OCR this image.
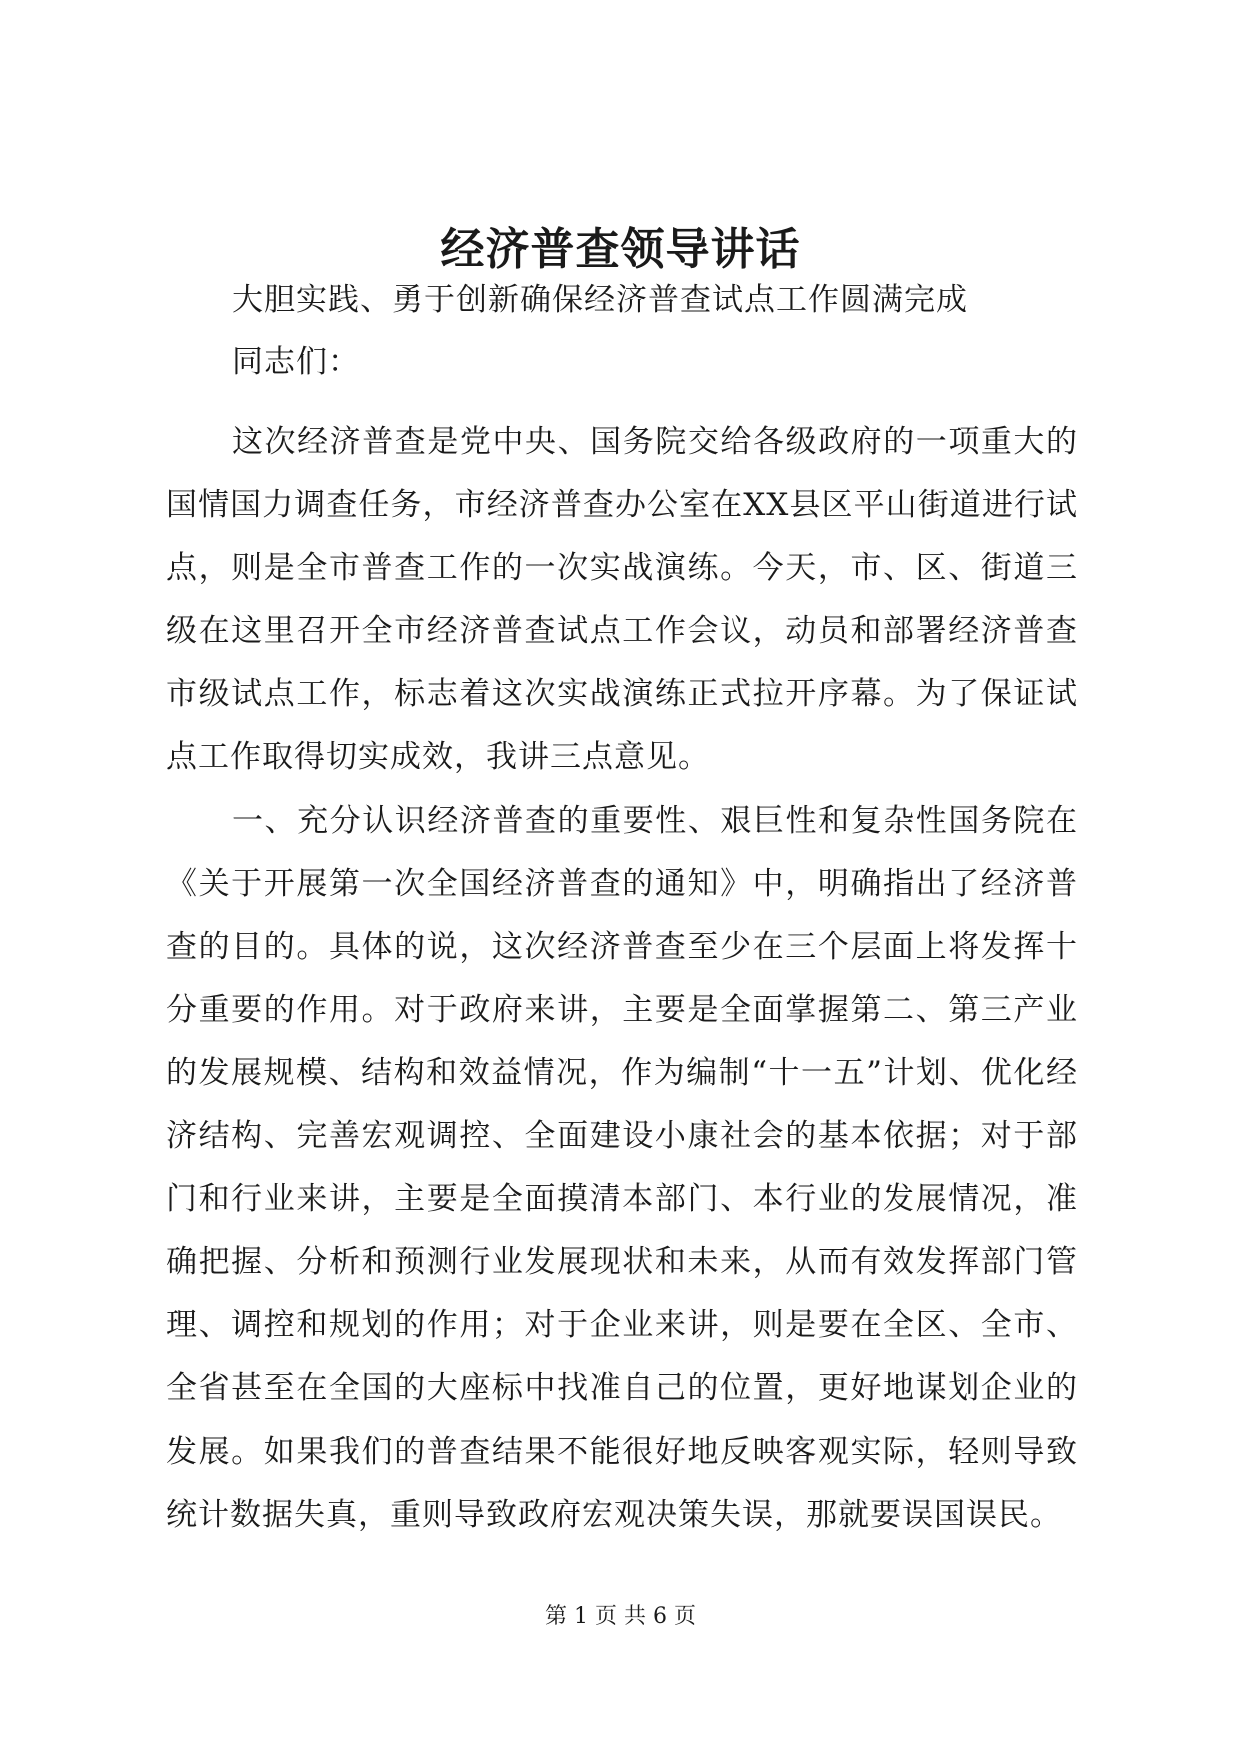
经济普查领导讲话
大胆实践、勇于创新确保经济普查试点工作圆满完成
同志们：

这次经济普查是党中央、国务院交给各级政府的一项重大的国情国力调查任务，市经济普查办公室在XX县区平山街道进行试点，则是全市普查工作的一次实战演练。今天，市、区、街道三级在这里召开全市经济普查试点工作会议，动员和部署经济普查市级试点工作，标志着这次实战演练正式拉开序幕。为了保证试点工作取得切实成效，我讲三点意见。

一、充分认识经济普查的重要性、艰巨性和复杂性国务院在《关于开展第一次全国经济普查的通知》中，明确指出了经济普查的目的。具体的说，这次经济普查至少在三个层面上将发挥十分重要的作用。对于政府来讲，主要是全面掌握第二、第三产业的发展规模、结构和效益情况，作为编制“十一五”计划、优化经济结构、完善宏观调控、全面建设小康社会的基本依据；对于部门和行业来讲，主要是全面摸清本部门、本行业的发展情况，准确把握、分析和预测行业发展现状和未来，从而有效发挥部门管理、调控和规划的作用；对于企业来讲，则是要在全区、全市、全省甚至在全国的大座标中找准自己的位置，更好地谋划企业的发展。如果我们的普查结果不能很好地反映客观实际，轻则导致统计数据失真，重则导致政府宏观决策失误，那就要误国误民。

第 1 页 共 6 页
